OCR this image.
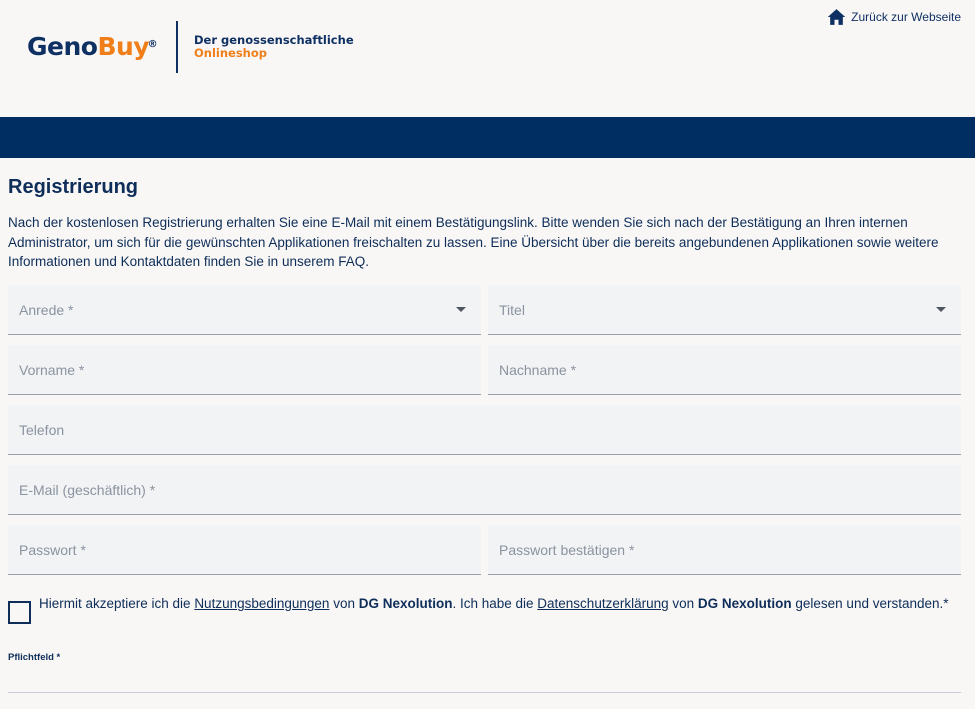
GenoBuy
®	Der genossenschaftliche
Onlineshop
Zurück zur Webseite
Registrierung

Nach der kostenlosen Registrierung erhalten Sie eine E-Mail mit einem Bestätigungslink. Bitte wenden Sie sich nach der Bestätigung an Ihren internen Administrator, um sich für die gewünschten Applikationen freischalten zu lassen. Eine Übersicht über die bereits angebundenen Applikationen sowie weitere Informationen und Kontaktdaten finden Sie in unserem FAQ.

Anrede *	Titel
Vorname *	Nachname *
Telefon
E-Mail (geschäftlich) *
Passwort *	Passwort bestätigen *
Hiermit akzeptiere ich die Nutzungsbedingungen von DG Nexolution. Ich habe die Datenschutzerklärung von DG Nexolution gelesen und verstanden.*
Pflichtfeld *
